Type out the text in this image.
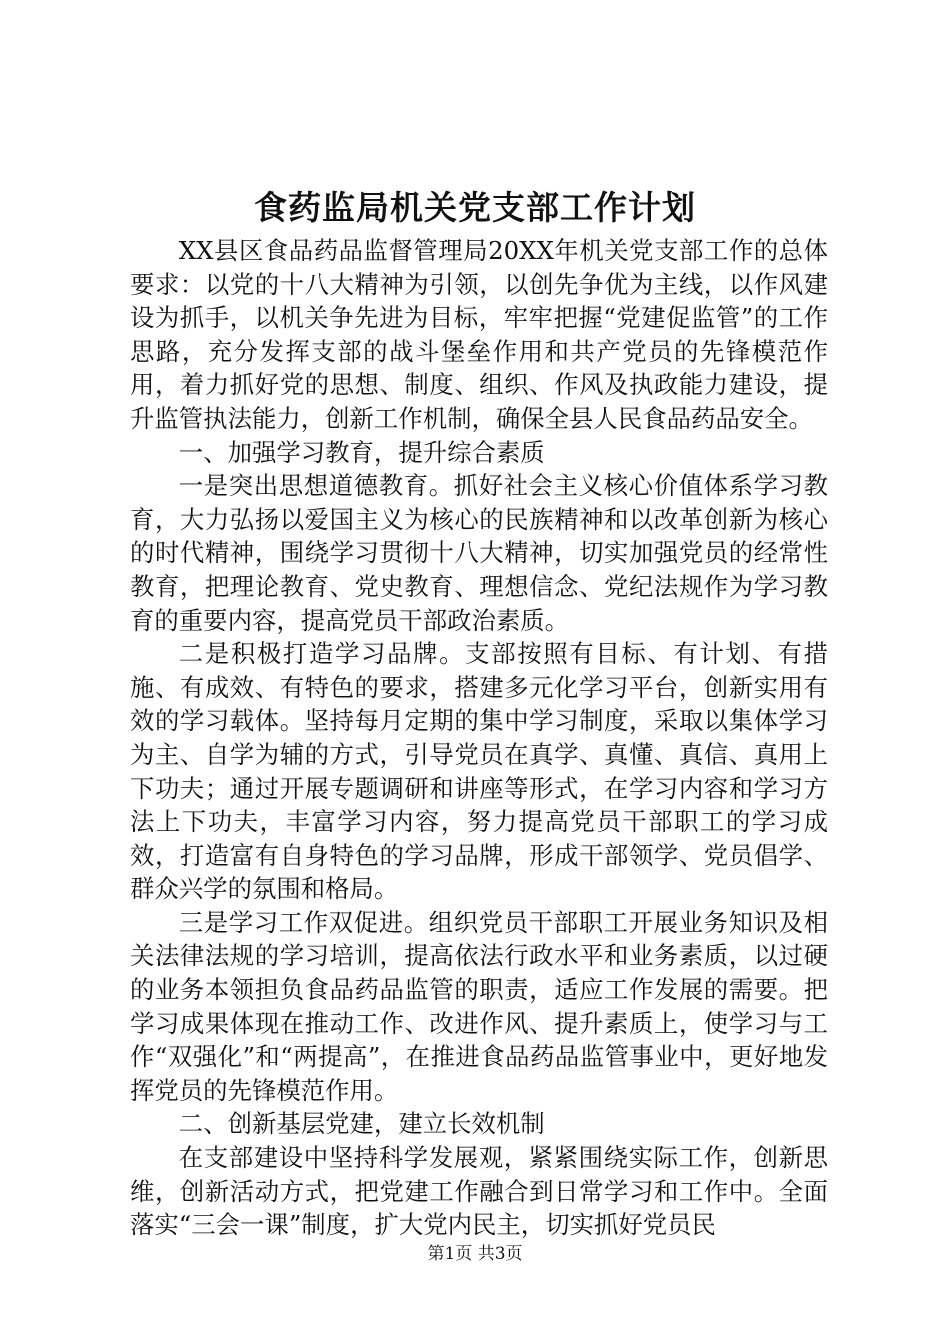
食药监局机关党支部工作计划

XX县区食品药品监督管理局20XX年机关党支部工作的总体要求：以党的十八大精神为引领，以创先争优为主线，以作风建设为抓手，以机关争先进为目标，牢牢把握“党建促监管”的工作思路，充分发挥支部的战斗堡垒作用和共产党员的先锋模范作用，着力抓好党的思想、制度、组织、作风及执政能力建设，提升监管执法能力，创新工作机制，确保全县人民食品药品安全。

一、加强学习教育，提升综合素质

一是突出思想道德教育。抓好社会主义核心价值体系学习教育，大力弘扬以爱国主义为核心的民族精神和以改革创新为核心的时代精神，围绕学习贯彻十八大精神，切实加强党员的经常性教育，把理论教育、党史教育、理想信念、党纪法规作为学习教育的重要内容，提高党员干部政治素质。

二是积极打造学习品牌。支部按照有目标、有计划、有措施、有成效、有特色的要求，搭建多元化学习平台，创新实用有效的学习载体。坚持每月定期的集中学习制度，采取以集体学习为主、自学为辅的方式，引导党员在真学、真懂、真信、真用上下功夫；通过开展专题调研和讲座等形式，在学习内容和学习方法上下功夫，丰富学习内容，努力提高党员干部职工的学习成效，打造富有自身特色的学习品牌，形成干部领学、党员倡学、群众兴学的氛围和格局。

三是学习工作双促进。组织党员干部职工开展业务知识及相关法律法规的学习培训，提高依法行政水平和业务素质，以过硬的业务本领担负食品药品监管的职责，适应工作发展的需要。把学习成果体现在推动工作、改进作风、提升素质上，使学习与工作“双强化”和“两提高”，在推进食品药品监管事业中，更好地发挥党员的先锋模范作用。

二、创新基层党建，建立长效机制

在支部建设中坚持科学发展观，紧紧围绕实际工作，创新思维，创新活动方式，把党建工作融合到日常学习和工作中。全面落实“三会一课”制度，扩大党内民主，切实抓好党员民

第1页 共3页
